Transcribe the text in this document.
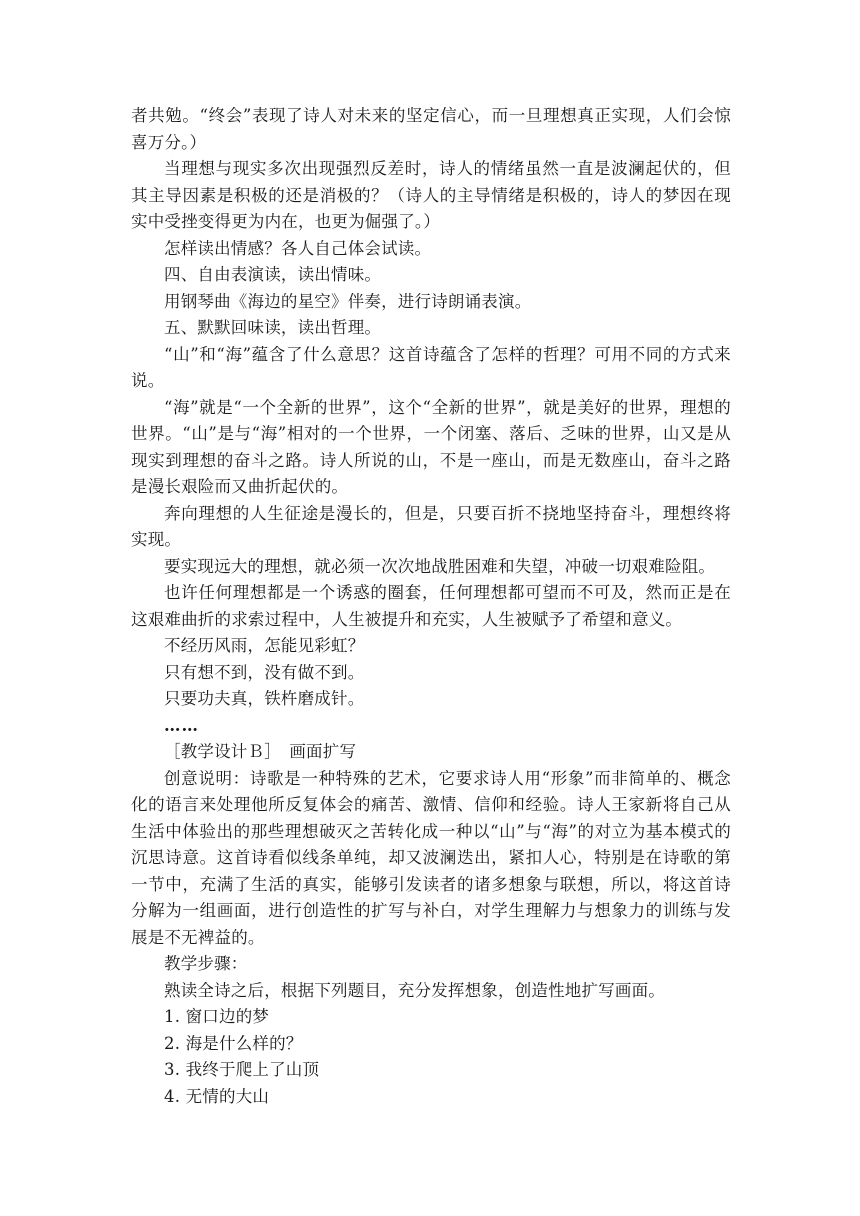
者共勉。“终会”表现了诗人对未来的坚定信心，而一旦理想真正实现，人们会惊喜万分。）

当理想与现实多次出现强烈反差时，诗人的情绪虽然一直是波澜起伏的，但其主导因素是积极的还是消极的？（诗人的主导情绪是积极的，诗人的梦因在现实中受挫变得更为内在，也更为倔强了。）

怎样读出情感？各人自己体会试读。

四、自由表演读，读出情味。

用钢琴曲《海边的星空》伴奏，进行诗朗诵表演。

五、默默回味读，读出哲理。

“山”和“海”蕴含了什么意思？这首诗蕴含了怎样的哲理？可用不同的方式来说。

“海”就是“一个全新的世界”，这个“全新的世界”，就是美好的世界，理想的世界。“山”是与“海”相对的一个世界，一个闭塞、落后、乏味的世界，山又是从现实到理想的奋斗之路。诗人所说的山，不是一座山，而是无数座山，奋斗之路是漫长艰险而又曲折起伏的。

奔向理想的人生征途是漫长的，但是，只要百折不挠地坚持奋斗，理想终将实现。

要实现远大的理想，就必须一次次地战胜困难和失望，冲破一切艰难险阻。

也许任何理想都是一个诱惑的圈套，任何理想都可望而不可及，然而正是在这艰难曲折的求索过程中，人生被提升和充实，人生被赋予了希望和意义。

不经历风雨，怎能见彩虹？

只有想不到，没有做不到。

只要功夫真，铁杵磨成针。

……

［教学设计Ｂ］　画面扩写

创意说明：诗歌是一种特殊的艺术，它要求诗人用“形象”而非简单的、概念化的语言来处理他所反复体会的痛苦、激情、信仰和经验。诗人王家新将自己从生活中体验出的那些理想破灭之苦转化成一种以“山”与“海”的对立为基本模式的沉思诗意。这首诗看似线条单纯，却又波澜迭出，紧扣人心，特别是在诗歌的第一节中，充满了生活的真实，能够引发读者的诸多想象与联想，所以，将这首诗分解为一组画面，进行创造性的扩写与补白，对学生理解力与想象力的训练与发展是不无裨益的。

教学步骤：

熟读全诗之后，根据下列题目，充分发挥想象，创造性地扩写画面。

1. 窗口边的梦

2. 海是什么样的？

3. 我终于爬上了山顶

4. 无情的大山
